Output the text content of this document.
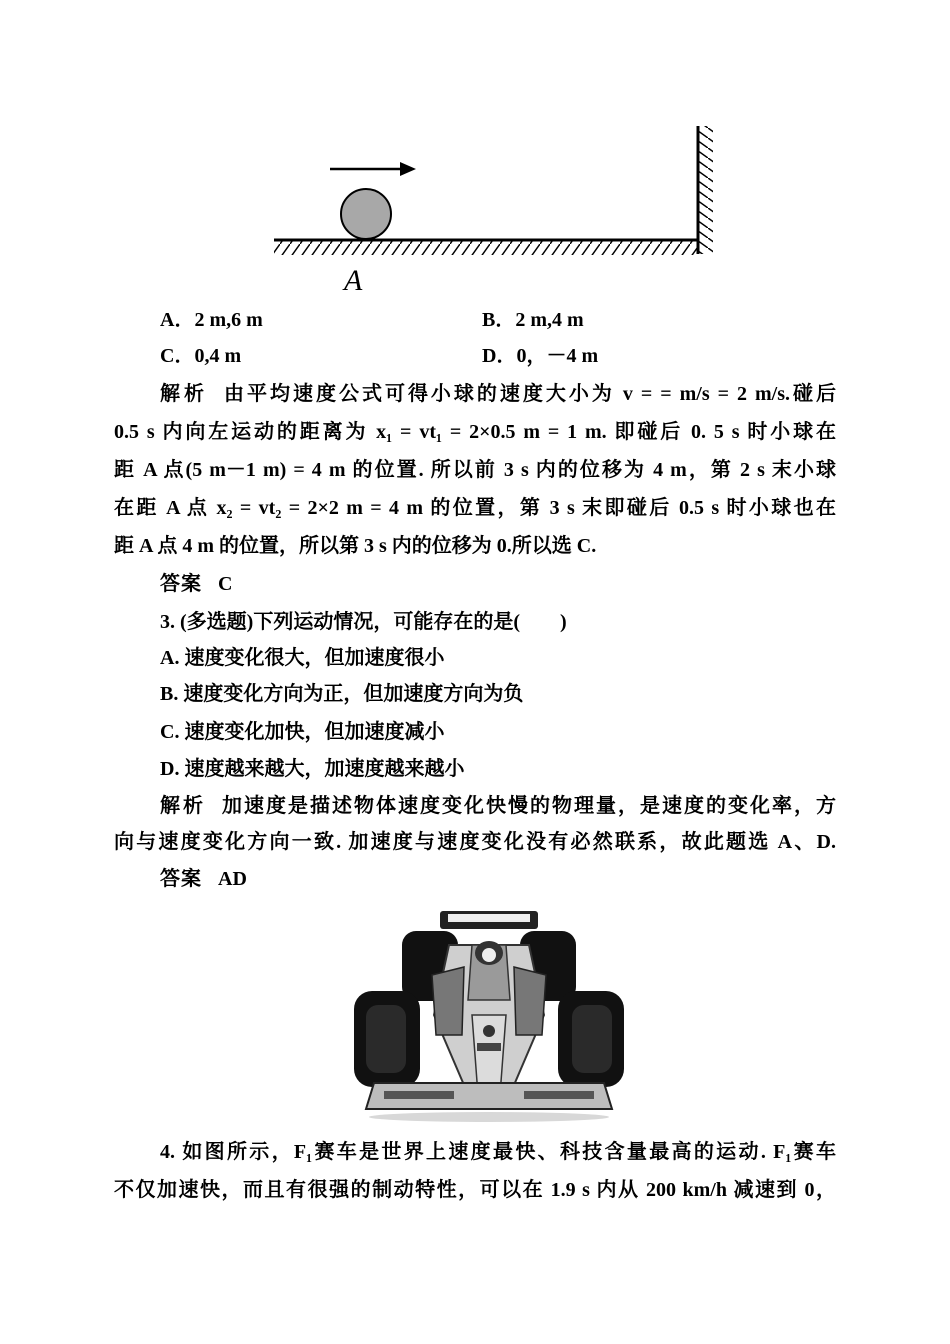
A
A．2 m,6 m	B．2 m,4 m
C．0,4 m	D．0，－4 m
解析 由平均速度公式可得小球的速度大小为 v = = m/s = 2 m/s.碰后
0.5 s 内向左运动的距离为 x₁ = vt₁ = 2×0.5 m = 1 m. 即碰后 0. 5 s 时小球在
距 A 点(5 m－1 m) = 4 m 的位置. 所以前 3 s 内的位移为 4 m，第 2 s 末小球
在距 A 点 x₂ = vt₂ = 2×2 m = 4 m 的位置，第 3 s 末即碰后 0.5 s 时小球也在
距 A 点 4 m 的位置，所以第 3 s 内的位移为 0.所以选 C.
答案 C
3. (多选题)下列运动情况，可能存在的是(　　)
A. 速度变化很大，但加速度很小
B. 速度变化方向为正，但加速度方向为负
C. 速度变化加快，但加速度减小
D. 速度越来越大，加速度越来越小
解析 加速度是描述物体速度变化快慢的物理量，是速度的变化率，方
向与速度变化方向一致. 加速度与速度变化没有必然联系，故此题选 A、D.
答案 AD
4. 如图所示，F₁赛车是世界上速度最快、科技含量最高的运动. F₁赛车
不仅加速快，而且有很强的制动特性，可以在 1.9 s 内从 200 km/h 减速到 0，
